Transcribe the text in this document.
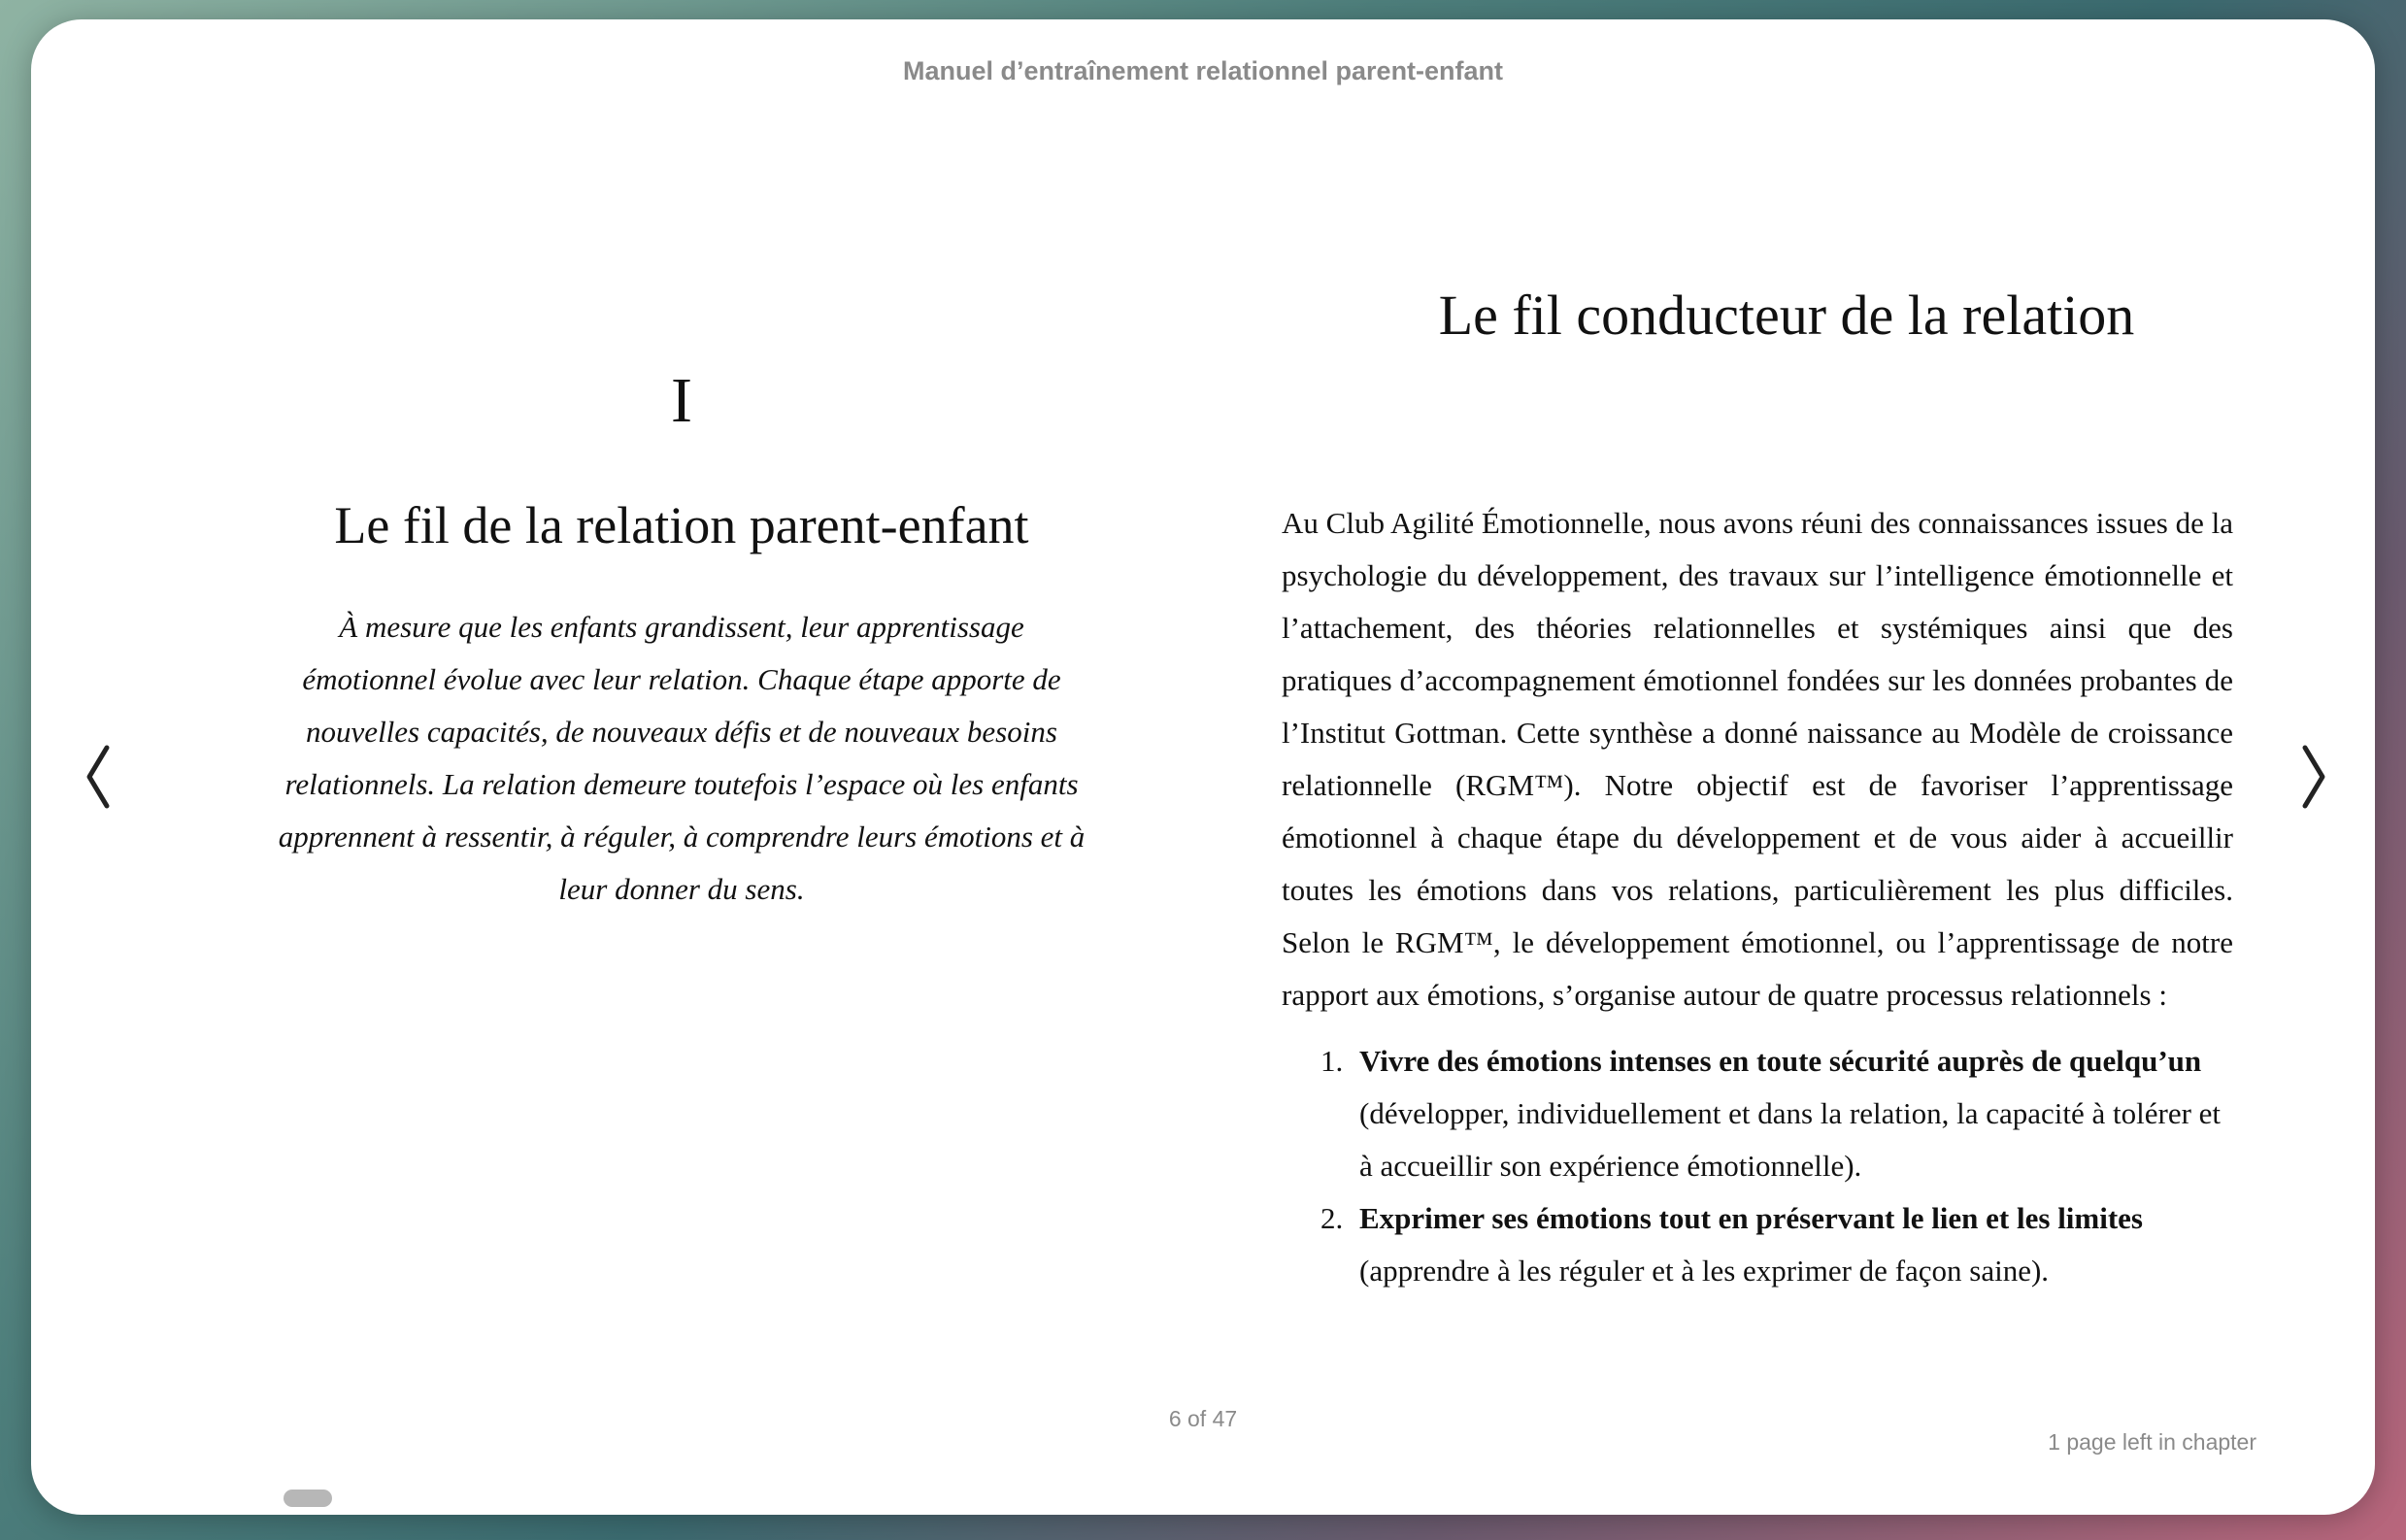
Manuel d’entraînement relationnel parent-enfant
I
Le fil de la relation parent-enfant

À mesure que les enfants grandissent, leur apprentissage émotionnel évolue avec leur relation. Chaque étape apporte de nouvelles capacités, de nouveaux défis et de nouveaux besoins relationnels. La relation demeure toutefois l’espace où les enfants apprennent à ressentir, à réguler, à comprendre leurs émotions et à leur donner du sens.

Le fil conducteur de la relation

Au Club Agilité Émotionnelle, nous avons réuni des connaissances issues de la psychologie du développement, des travaux sur l’intelligence émotionnelle et l’attachement, des théories relationnelles et systémiques ainsi que des pratiques d’accompagnement émotionnel fondées sur les données probantes de l’Institut Gottman. Cette synthèse a donné naissance au Modèle de croissance relationnelle (RGM™). Notre objectif est de favoriser l’apprentissage émotionnel à chaque étape du développement et de vous aider à accueillir toutes les émotions dans vos relations, particulièrement les plus difficiles. Selon le RGM™, le développement émotionnel, ou l’apprentissage de notre rapport aux émotions, s’organise autour de quatre processus relationnels :

1. Vivre des émotions intenses en toute sécurité auprès de quelqu’un (développer, individuellement et dans la relation, la capacité à tolérer et à accueillir son expérience émotionnelle).
2. Exprimer ses émotions tout en préservant le lien et les limites (apprendre à les réguler et à les exprimer de façon saine).
6 of 47
1 page left in chapter
